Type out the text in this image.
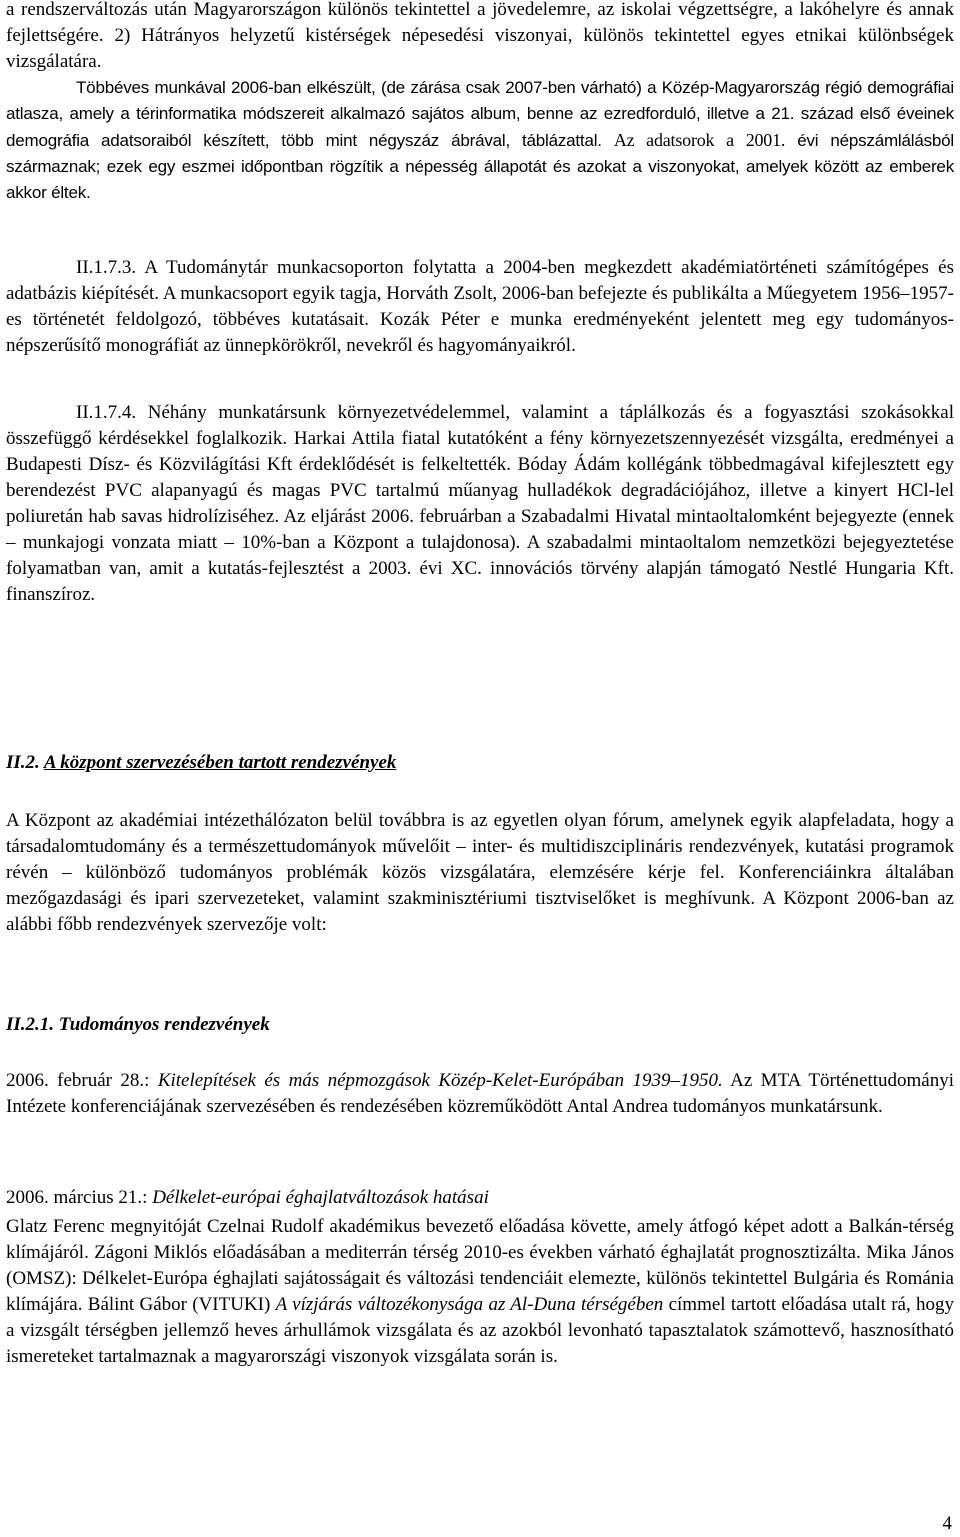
a rendszerváltozás után Magyarországon különös tekintettel a jövedelemre, az iskolai végzettségre, a lakóhelyre és annak fejlettségére. 2) Hátrányos helyzetű kistérségek népesedési viszonyai, különös tekintettel egyes etnikai különbségek vizsgálatára.

Többéves munkával 2006-ban elkészült, (de zárása csak 2007-ben várható) a Közép-Magyarország régió demográfiai atlasza, amely a térinformatika módszereit alkalmazó sajátos album, benne az ezredforduló, illetve a 21. század első éveinek demográfia adatsoraiból készített, több mint négyszáz ábrával, táblázattal. Az adatsorok a 2001. évi népszámlálásból származnak; ezek egy eszmei időpontban rögzítik a népesség állapotát és azokat a viszonyokat, amelyek között az emberek akkor éltek.

II.1.7.3. A Tudománytár munkacsoporton folytatta a 2004-ben megkezdett akadémiatörténeti számítógépes és adatbázis kiépítését. A munkacsoport egyik tagja, Horváth Zsolt, 2006-ban befejezte és publikálta a Műegyetem 1956–1957-es történetét feldolgozó, többéves kutatásait. Kozák Péter e munka eredményeként jelentett meg egy tudományos-népszerűsítő monográfiát az ünnepkörökről, nevekről és hagyományaikról.

II.1.7.4. Néhány munkatársunk környezetvédelemmel, valamint a táplálkozás és a fogyasztási szokásokkal összefüggő kérdésekkel foglalkozik. Harkai Attila fiatal kutatóként a fény környezetszennyezését vizsgálta, eredményei a Budapesti Dísz- és Közvilágítási Kft érdeklődését is felkeltették. Bóday Ádám kollégánk többedmagával kifejlesztett egy berendezést PVC alapanyagú és magas PVC tartalmú műanyag hulladékok degradációjához, illetve a kinyert HCl-lel poliuretán hab savas hidrolíziséhez. Az eljárást 2006. februárban a Szabadalmi Hivatal mintaoltalomként bejegyezte (ennek – munkajogi vonzata miatt – 10%-ban a Központ a tulajdonosa). A szabadalmi mintaoltalom nemzetközi bejegyeztetése folyamatban van, amit a kutatás-fejlesztést a 2003. évi XC. innovációs törvény alapján támogató Nestlé Hungaria Kft. finanszíroz.

II.2. A központ szervezésében tartott rendezvények

A Központ az akadémiai intézethálózaton belül továbbra is az egyetlen olyan fórum, amelynek egyik alapfeladata, hogy a társadalomtudomány és a természettudományok művelőit – inter- és multidiszciplináris rendezvények, kutatási programok révén – különböző tudományos problémák közös vizsgálatára, elemzésére kérje fel. Konferenciáinkra általában mezőgazdasági és ipari szervezeteket, valamint szakminisztériumi tisztviselőket is meghívunk. A Központ 2006-ban az alábbi főbb rendezvények szervezője volt:

II.2.1. Tudományos rendezvények

2006. február 28.: Kitelepítések és más népmozgások Közép-Kelet-Európában 1939–1950. Az MTA Történettudományi Intézete konferenciájának szervezésében és rendezésében közreműködött Antal Andrea tudományos munkatársunk.

2006. március 21.: Délkelet-európai éghajlatváltozások hatásai

Glatz Ferenc megnyitóját Czelnai Rudolf akadémikus bevezető előadása követte, amely átfogó képet adott a Balkán-térség klímájáról. Zágoni Miklós előadásában a mediterrán térség 2010-es években várható éghajlatát prognosztizálta. Mika János (OMSZ): Délkelet-Európa éghajlati sajátosságait és változási tendenciáit elemezte, különös tekintettel Bulgária és Románia klímájára. Bálint Gábor (VITUKI) A vízjárás változékonysága az Al-Duna térségében címmel tartott előadása utalt rá, hogy a vizsgált térségben jellemző heves árhullámok vizsgálata és az azokból levonható tapasztalatok számottevő, hasznosítható ismereteket tartalmaznak a magyarországi viszonyok vizsgálata során is.

4
